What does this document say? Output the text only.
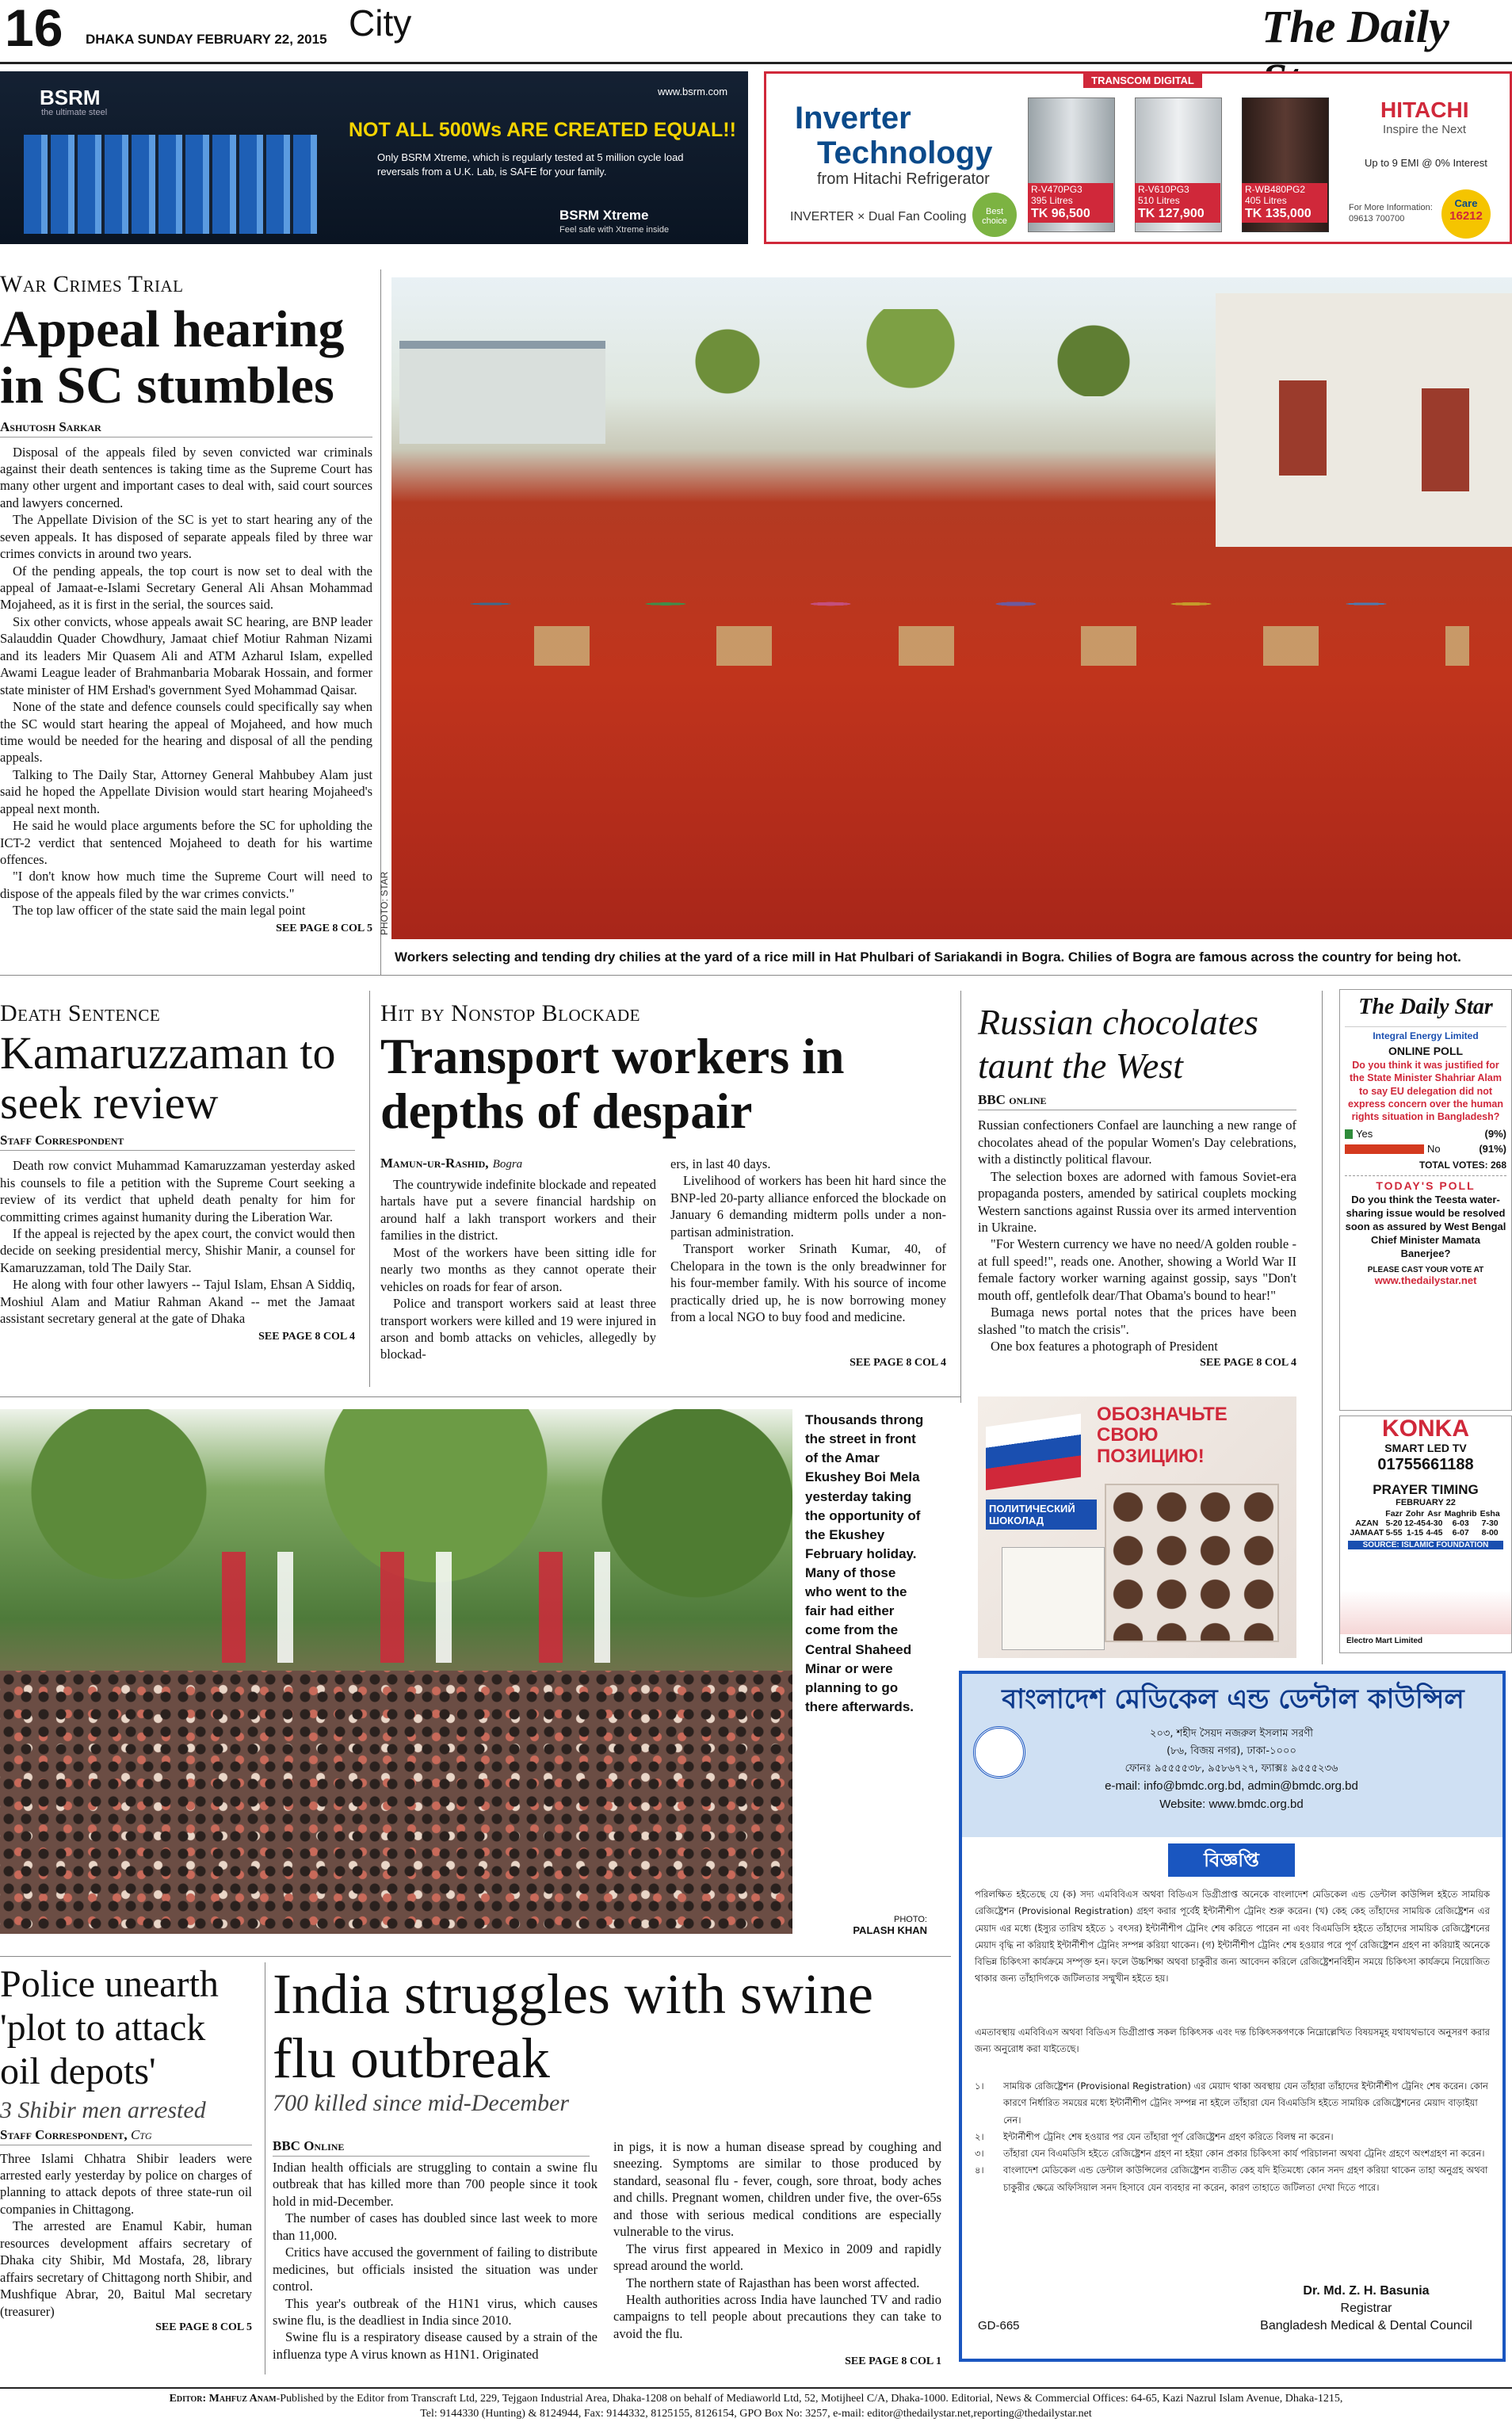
16 DHAKA SUNDAY FEBRUARY 22, 2015 City	The Daily
BSRM
the ultimate steel
www.bsrm.com
NOT ALL 500Ws ARE CREATED EQUAL!!
Only BSRM Xtreme, which is regularly tested at 5 million cycle load reversals from a U.K. Lab, is SAFE for your family.
BSRM Xtreme
Feel safe with Xtreme inside
TRANSCOM DIGITAL
Inverter
Technology
from Hitachi Refrigerator
INVERTER × Dual Fan Cooling	Best choice
R-V470PG3
395 Litres
TK 96,500
R-V610PG3
510 Litres
TK 127,900
R-WB480PG2
405 Litres
TK 135,000
HITACHI
Inspire the Next
Up to 9 EMI @ 0% Interest
For More Information: 09613 700700
Care
16212
War Crimes Trial
Appeal hearing in SC stumbles
Ashutosh Sarkar

Disposal of the appeals filed by seven convicted war criminals against their death sentences is taking time as the Supreme Court has many other urgent and important cases to deal with, said court sources and lawyers concerned.

The Appellate Division of the SC is yet to start hearing any of the seven appeals. It has disposed of separate appeals filed by three war crimes convicts in around two years.

Of the pending appeals, the top court is now set to deal with the appeal of Jamaat-e-Islami Secretary General Ali Ahsan Mohammad Mojaheed, as it is first in the serial, the sources said.

Six other convicts, whose appeals await SC hearing, are BNP leader Salauddin Quader Chowdhury, Jamaat chief Motiur Rahman Nizami and its leaders Mir Quasem Ali and ATM Azharul Islam, expelled Awami League leader of Brahmanbaria Mobarak Hossain, and former state minister of HM Ershad's government Syed Mohammad Qaisar.

None of the state and defence counsels could specifically say when the SC would start hearing the appeal of Mojaheed, and how much time would be needed for the hearing and disposal of all the pending appeals.

Talking to The Daily Star, Attorney General Mahbubey Alam just said he hoped the Appellate Division would start hearing Mojaheed's appeal next month.

He said he would place arguments before the SC for upholding the ICT-2 verdict that sentenced Mojaheed to death for his wartime offences.

"I don't know how much time the Supreme Court will need to dispose of the appeals filed by the war crimes convicts."

The top law officer of the state said the main legal point

SEE PAGE 8 COL 5 PHOTO: STAR
Workers selecting and tending dry chilies at the yard of a rice mill in Hat Phulbari of Sariakandi in Bogra. Chilies of Bogra are famous across the country for being hot.
Death Sentence
Kamaruzzaman to seek review
Staff Correspondent

Death row convict Muhammad Kamaruzzaman yesterday asked his counsels to file a petition with the Supreme Court seeking a review of its verdict that upheld death penalty for him for committing crimes against humanity during the Liberation War.

If the appeal is rejected by the apex court, the convict would then decide on seeking presidential mercy, Shishir Manir, a counsel for Kamaruzzaman, told The Daily Star.

He along with four other lawyers -- Tajul Islam, Ehsan A Siddiq, Moshiul Alam and Matiur Rahman Akand -- met the Jamaat assistant secretary general at the gate of Dhaka

SEE PAGE 8 COL 4
Hit by Nonstop Blockade
Transport workers in depths of despair
Mamun-ur-Rashid, Bogra

The countrywide indefinite blockade and repeated hartals have put a severe financial hardship on around half a lakh transport workers and their families in the district.

Most of the workers have been sitting idle for nearly two months as they cannot operate their vehicles on roads for fear of arson.

Police and transport workers said at least three transport workers were killed and 19 were injured in arson and bomb attacks on vehicles, allegedly by blockad-

ers, in last 40 days.

Livelihood of workers has been hit hard since the BNP-led 20-party alliance enforced the blockade on January 6 demanding midterm polls under a non-partisan administration.

Transport worker Srinath Kumar, 40, of Chelopara in the town is the only breadwinner for his four-member family. With his source of income practically dried up, he is now borrowing money from a local NGO to buy food and medicine.

SEE PAGE 8 COL 4
Russian chocolates taunt the West
BBC online

Russian confectioners Confael are launching a new range of chocolates ahead of the popular Women's Day celebrations, with a distinctly political flavour.

The selection boxes are adorned with famous Soviet-era propaganda posters, amended by satirical couplets mocking Western sanctions against Russia over its armed intervention in Ukraine.

"For Western currency we have no need/A golden rouble - at full speed!", reads one. Another, showing a World War II female factory worker warning against gossip, says "Don't mouth off, gentlefolk dear/That Obama's bound to hear!"

Bumaga news portal notes that the prices have been slashed "to match the crisis".

One box features a photograph of President

SEE PAGE 8 COL 4
ОБОЗНАЧЬТЕ СВОЮ ПОЗИЦИЮ!
ПОЛИТИЧЕСКИЙ ШОКОЛАД
The Daily Star
Integral Energy Limited
ONLINE POLL
Do you think it was justified for the State Minister Shahriar Alam to say EU delegation did not express concern over the human rights situation in Bangladesh?
Yes	(9%)
No	(91%)
TOTAL VOTES: 268
TODAY'S POLL
Do you think the Teesta water-sharing issue would be resolved soon as assured by West Bengal Chief Minister Mamata Banerjee?
PLEASE CAST YOUR VOTE AT
www.thedailystar.net
KONKA
SMART LED TV
01755661188
PRAYER TIMING
FEBRUARY 22
	Fazr	Zohr	Asr	Maghrib	Esha
AZAN	5-20	12-45	4-30	6-03	7-30
JAMAAT	5-55	1-15	4-45	6-07	8-00
SOURCE: ISLAMIC FOUNDATION
Electro Mart Limited
Thousands throng the street in front of the Amar Ekushey Boi Mela yesterday taking the opportunity of the Ekushey February holiday. Many of those who went to the fair had either come from the Central Shaheed Minar or were planning to go there afterwards.
PHOTO:
PALASH KHAN
বাংলাদেশ মেডিকেল এন্ড ডেন্টাল কাউন্সিল
২০৩, শহীদ সৈয়দ নজরুল ইসলাম সরণী
(৮৬, বিজয় নগর), ঢাকা-১০০০
ফোনঃ ৯৫৫৫৫৩৮, ৯৫৮৬৭২৭, ফ্যাক্সঃ ৯৫৫৫২৩৬
e-mail: info@bmdc.org.bd, admin@bmdc.org.bd
Website: www.bmdc.org.bd
বিজ্ঞপ্তি
পরিলক্ষিত হইতেছে যে (ক) সদ্য এমবিবিএস অথবা বিডিএস ডিগ্রীপ্রাপ্ত অনেকে বাংলাদেশ মেডিকেল এন্ড ডেন্টাল কাউন্সিল হইতে সাময়িক রেজিষ্ট্রেশন (Provisional Registration) গ্রহণ করার পূর্বেই ইন্টার্নীশীপ ট্রেনিং শুরু করেন। (খ) কেহ কেহ তাঁহাদের সাময়িক রেজিষ্ট্রেশন এর মেয়াদ এর মধ্যে (ইস্যুর তারিখ হইতে ১ বৎসর) ইন্টার্নীশীপ ট্রেনিং শেষ করিতে পারেন না এবং বিএমডিসি হইতে তাঁহাদের সাময়িক রেজিষ্ট্রেশনের মেয়াদ বৃদ্ধি না করিয়াই ইন্টার্নীশীপ ট্রেনিং সম্পন্ন করিয়া থাকেন। (গ) ইন্টার্নীশীপ ট্রেনিং শেষ হওয়ার পরে পূর্ণ রেজিষ্ট্রেশন গ্রহণ না করিয়াই অনেকে বিভিন্ন চিকিৎসা কার্যক্রমে সম্পৃক্ত হন। ফলে উচ্চশিক্ষা অথবা চাকুরীর জন্য আবেদন করিলে রেজিষ্ট্রেশনবিহীন সময়ে চিকিৎসা কার্যক্রমে নিয়োজিত থাকার জন্য তাঁহাদিগকে জটিলতার সম্মুখীন হইতে হয়।
এমতাবস্থায় এমবিবিএস অথবা বিডিএস ডিগ্রীপ্রাপ্ত সকল চিকিৎসক এবং দন্ত চিকিৎসকগণকে নিম্নোল্লেখিত বিষয়সমূহ যথাযথভাবে অনুসরণ করার জন্য অনুরোধ করা যাইতেছে।
১।	সাময়িক রেজিষ্ট্রেশন (Provisional Registration) এর মেয়াদ থাকা অবস্থায় যেন তাঁহারা তাঁহাদের ইন্টার্নীশীপ ট্রেনিং শেষ করেন। কোন কারণে নির্ধারিত সময়ের মধ্যে ইন্টার্নীশীপ ট্রেনিং সম্পন্ন না হইলে তাঁহারা যেন বিএমডিসি হইতে সাময়িক রেজিষ্ট্রেশনের মেয়াদ বাড়াইয়া নেন।
২।	ইন্টার্নীশীপ ট্রেনিং শেষ হওয়ার পর যেন তাঁহারা পূর্ণ রেজিষ্ট্রেশন গ্রহণ করিতে বিলম্ব না করেন।
৩।	তাঁহারা যেন বিএমডিসি হইতে রেজিষ্ট্রেশন গ্রহণ না হইয়া কোন প্রকার চিকিৎসা কার্য পরিচালনা অথবা ট্রেনিং গ্রহণে অংশগ্রহণ না করেন।
৪।	বাংলাদেশ মেডিকেল এন্ড ডেন্টাল কাউন্সিলের রেজিষ্ট্রেশন ব্যতীত কেহ যদি ইতিমধ্যে কোন সনদ গ্রহণ করিয়া থাকেন তাহা অনুগ্রহ অথবা চাকুরীর ক্ষেত্রে অফিসিয়াল সনদ হিসাবে যেন ব্যবহার না করেন, কারণ তাহাতে জটিলতা দেখা দিতে পারে।
Dr. Md. Z. H. Basunia
Registrar
Bangladesh Medical & Dental Council
GD-665
Police unearth 'plot to attack oil depots'
3 Shibir men arrested
Staff Correspondent, Ctg

Three Islami Chhatra Shibir leaders were arrested early yesterday by police on charges of planning to attack depots of three state-run oil companies in Chittagong.

The arrested are Enamul Kabir, human resources development affairs secretary of Dhaka city Shibir, Md Mostafa, 28, library affairs secretary of Chittagong north Shibir, and Mushfique Abrar, 20, Baitul Mal secretary (treasurer)

SEE PAGE 8 COL 5
India struggles with swine flu outbreak
700 killed since mid-December
BBC Online

Indian health officials are struggling to contain a swine flu outbreak that has killed more than 700 people since it took hold in mid-December.

The number of cases has doubled since last week to more than 11,000.

Critics have accused the government of failing to distribute medicines, but officials insisted the situation was under control.

This year's outbreak of the H1N1 virus, which causes swine flu, is the deadliest in India since 2010.

Swine flu is a respiratory disease caused by a strain of the influenza type A virus known as H1N1. Originated

in pigs, it is now a human disease spread by coughing and sneezing. Symptoms are similar to those produced by standard, seasonal flu - fever, cough, sore throat, body aches and chills. Pregnant women, children under five, the over-65s and those with serious medical conditions are especially vulnerable to the virus.

The virus first appeared in Mexico in 2009 and rapidly spread around the world.

The northern state of Rajasthan has been worst affected.

Health authorities across India have launched TV and radio campaigns to tell people about precautions they can take to avoid the flu.

SEE PAGE 8 COL 1
Editor: Mahfuz Anam-Published by the Editor from Transcraft Ltd, 229, Tejgaon Industrial Area, Dhaka-1208 on behalf of Mediaworld Ltd, 52, Motijheel C/A, Dhaka-1000. Editorial, News & Commercial Offices: 64-65, Kazi Nazrul Islam Avenue, Dhaka-1215,
Tel: 9144330 (Hunting) & 8124944, Fax: 9144332, 8125155, 8126154, GPO Box No: 3257, e-mail: editor@thedailystar.net,reporting@thedailystar.net
